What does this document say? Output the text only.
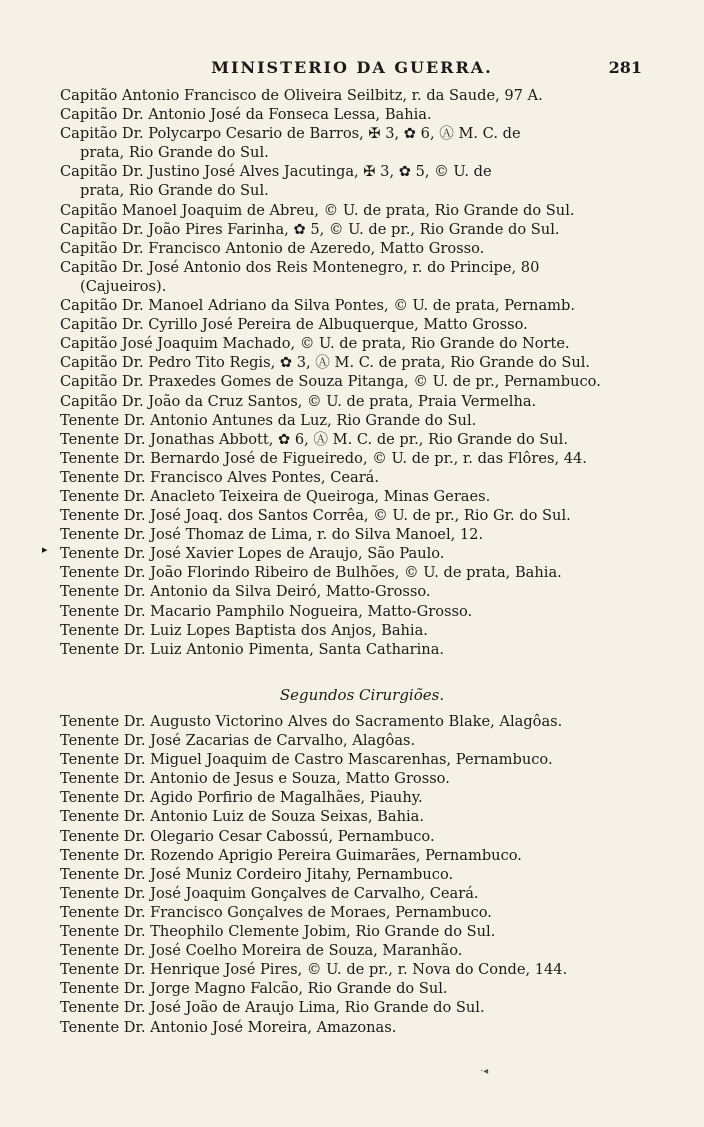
MINISTERIO DA GUERRA.	281
▸
Capitão Antonio Francisco de Oliveira Seilbitz, r. da Saude, 97 A.
Capitão Dr. Antonio José da Fonseca Lessa, Bahia.
Capitão Dr. Polycarpo Cesario de Barros, ✠ 3, ✿ 6, Ⓐ M. C. de
prata, Rio Grande do Sul.
Capitão Dr. Justino José Alves Jacutinga, ✠ 3, ✿ 5, © U. de
prata, Rio Grande do Sul.
Capitão Manoel Joaquim de Abreu, © U. de prata, Rio Grande do Sul.
Capitão Dr. João Pires Farinha, ✿ 5, © U. de pr., Rio Grande do Sul.
Capitão Dr. Francisco Antonio de Azeredo, Matto Grosso.
Capitão Dr. José Antonio dos Reis Montenegro, r. do Principe, 80
(Cajueiros).
Capitão Dr. Manoel Adriano da Silva Pontes, © U. de prata, Pernamb.
Capitão Dr. Cyrillo José Pereira de Albuquerque, Matto Grosso.
Capitão José Joaquim Machado, © U. de prata, Rio Grande do Norte.
Capitão Dr. Pedro Tito Regis, ✿ 3, Ⓐ M. C. de prata, Rio Grande do Sul.
Capitão Dr. Praxedes Gomes de Souza Pitanga, © U. de pr., Pernambuco.
Capitão Dr. João da Cruz Santos, © U. de prata, Praia Vermelha.
Tenente Dr. Antonio Antunes da Luz, Rio Grande do Sul.
Tenente Dr. Jonathas Abbott, ✿ 6, Ⓐ M. C. de pr., Rio Grande do Sul.
Tenente Dr. Bernardo José de Figueiredo, © U. de pr., r. das Flôres, 44.
Tenente Dr. Francisco Alves Pontes, Ceará.
Tenente Dr. Anacleto Teixeira de Queiroga, Minas Geraes.
Tenente Dr. José Joaq. dos Santos Corrêa, © U. de pr., Rio Gr. do Sul.
Tenente Dr. José Thomaz de Lima, r. do Silva Manoel, 12.
Tenente Dr. José Xavier Lopes de Araujo, São Paulo.
Tenente Dr. João Florindo Ribeiro de Bulhões, © U. de prata, Bahia.
Tenente Dr. Antonio da Silva Deiró, Matto-Grosso.
Tenente Dr. Macario Pamphilo Nogueira, Matto-Grosso.
Tenente Dr. Luiz Lopes Baptista dos Anjos, Bahia.
Tenente Dr. Luiz Antonio Pimenta, Santa Catharina.
Segundos Cirurgiões.
Tenente Dr. Augusto Victorino Alves do Sacramento Blake, Alagôas.
Tenente Dr. José Zacarias de Carvalho, Alagôas.
Tenente Dr. Miguel Joaquim de Castro Mascarenhas, Pernambuco.
Tenente Dr. Antonio de Jesus e Souza, Matto Grosso.
Tenente Dr. Agido Porfirio de Magalhães, Piauhy.
Tenente Dr. Antonio Luiz de Souza Seixas, Bahia.
Tenente Dr. Olegario Cesar Cabossú, Pernambuco.
Tenente Dr. Rozendo Aprigio Pereira Guimarães, Pernambuco.
Tenente Dr. José Muniz Cordeiro Jitahy, Pernambuco.
Tenente Dr. José Joaquim Gonçalves de Carvalho, Ceará.
Tenente Dr. Francisco Gonçalves de Moraes, Pernambuco.
Tenente Dr. Theophilo Clemente Jobim, Rio Grande do Sul.
Tenente Dr. José Coelho Moreira de Souza, Maranhão.
Tenente Dr. Henrique José Pires, © U. de pr., r. Nova do Conde, 144.
Tenente Dr. Jorge Magno Falcão, Rio Grande do Sul.
Tenente Dr. José João de Araujo Lima, Rio Grande do Sul.
Tenente Dr. Antonio José Moreira, Amazonas.
·◂
